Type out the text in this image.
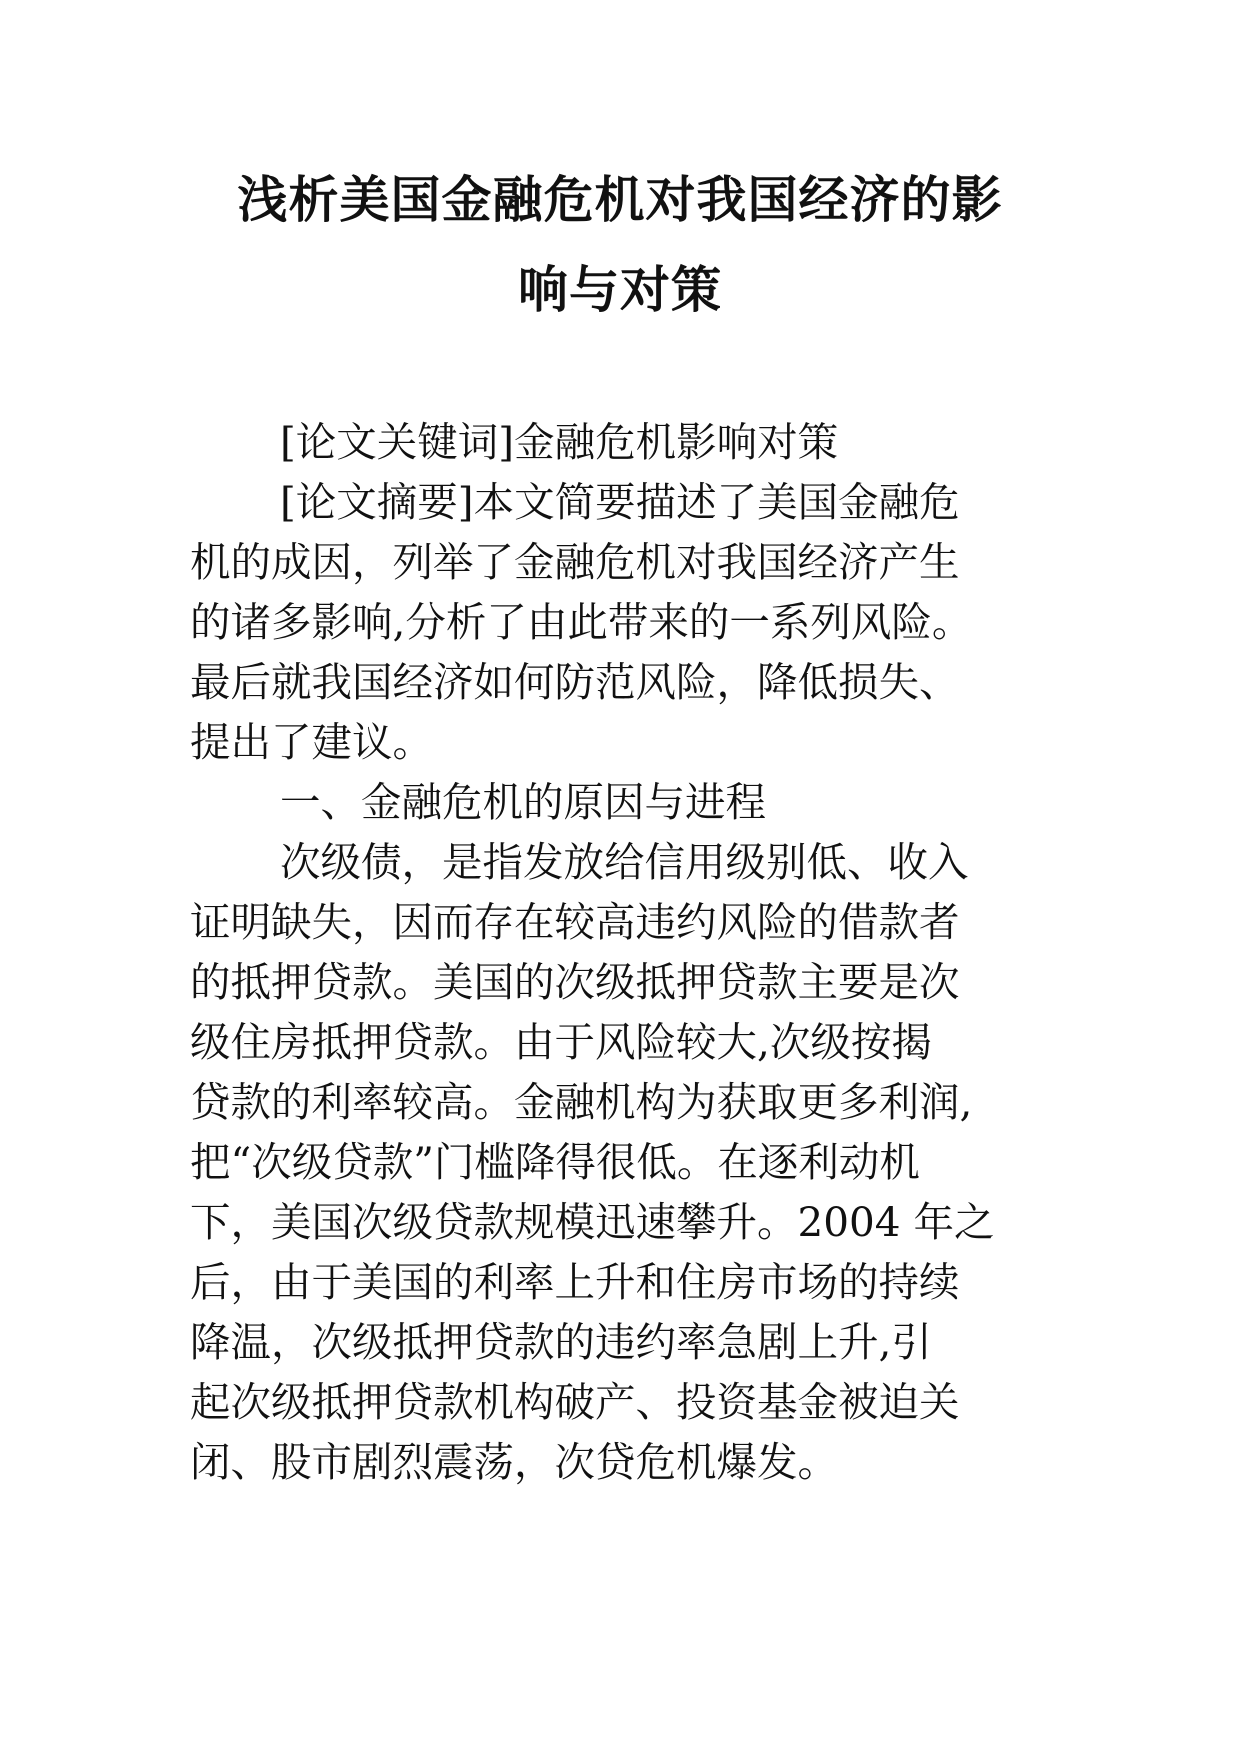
浅析美国金融危机对我国经济的影
响与对策
[论文关键词]金融危机影响对策
[论文摘要]本文简要描述了美国金融危
机的成因，列举了金融危机对我国经济产生
的诸多影响,分析了由此带来的一系列风险。
最后就我国经济如何防范风险，降低损失、
提出了建议。
一、金融危机的原因与进程
次级债，是指发放给信用级别低、收入
证明缺失，因而存在较高违约风险的借款者
的抵押贷款。美国的次级抵押贷款主要是次
级住房抵押贷款。由于风险较大,次级按揭
贷款的利率较高。金融机构为获取更多利润,
把“次级贷款”门槛降得很低。在逐利动机
下，美国次级贷款规模迅速攀升。2004 年之
后，由于美国的利率上升和住房市场的持续
降温，次级抵押贷款的违约率急剧上升,引
起次级抵押贷款机构破产、投资基金被迫关
闭、股市剧烈震荡，次贷危机爆发。
